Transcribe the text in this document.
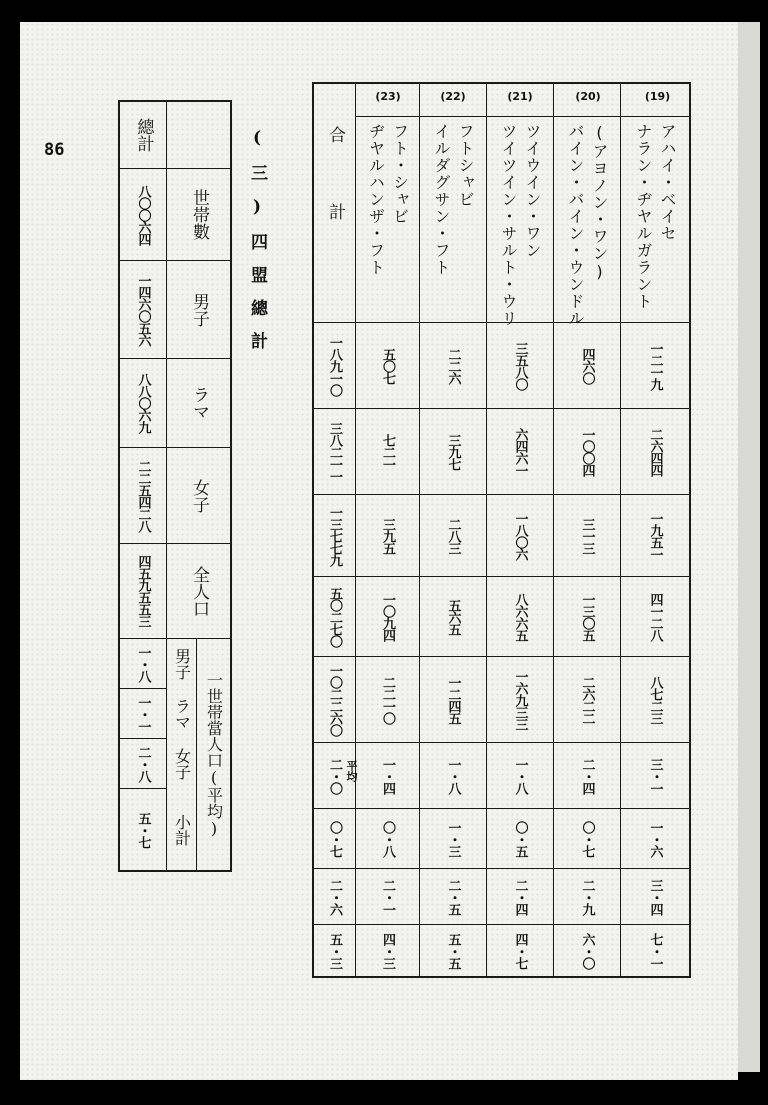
86	(三)四盟總計
總計
世帯數
男子
ラマ
女子
全人口
一世帯當人口(平均)
男子
ラマ
女子
小計
八〇〇六四
一四六〇五六
八八〇六九
二二五四二八
四五九五五三
一・八
一・一
二・八
五・七
(19)
ナラン・ヂヤルガラント アハイ・ベイセ
(20)
バイン・バイン・ウンドル (アヨノン・ワン)
(21)
ツイツイン・サルト・ウリ ツイウイン・ワン
(22)
イルダグサン・フト フトシャビ
(23)
ヂヤルハンザ・フト フト・シャビ
合計
平均
一二一九
二六四四
一九五一
四一二八
八七二三
三・一
一・六
三・四
七・一
四六〇
一〇〇四
三一三
一三〇五
二六二二
二・四
〇・七
二・九
六・〇
三五八〇
六四六一
一八〇六
八六六五
一六九三三
一・八
〇・五
二・四
四・七
二二六
三九七
二八三
五六五
一二四五
一・八
一・三
二・五
五・五
五〇七
七二一
三九五
一〇九四
二二一〇
一・四
〇・八
二・一
四・三
一八九一〇
三八二一一
一三七七九
五〇二七〇
一〇二二六〇
二・〇
〇・七
二・六
五・三
